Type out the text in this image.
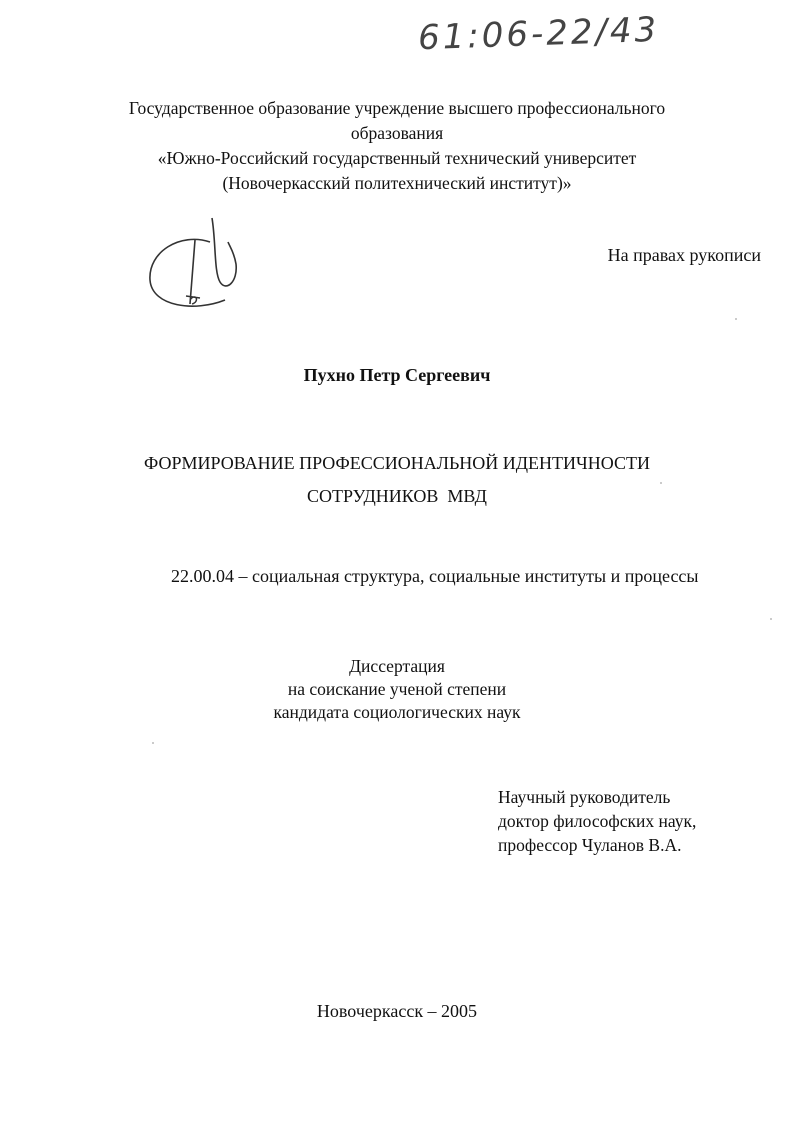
61:06-22/43
Государственное образование учреждение высшего профессионального
образования
«Южно-Российский государственный технический университет
(Новочеркасский политехнический институт)»
На правах рукописи
Пухно Петр Сергеевич
ФОРМИРОВАНИЕ ПРОФЕССИОНАЛЬНОЙ ИДЕНТИЧНОСТИ
СОТРУДНИКОВ  МВД
22.00.04 – социальная структура, социальные институты и процессы
Диссертация
на соискание ученой степени
кандидата социологических наук
Научный руководитель
доктор философских наук,
профессор Чуланов В.А.
Новочеркасск – 2005
